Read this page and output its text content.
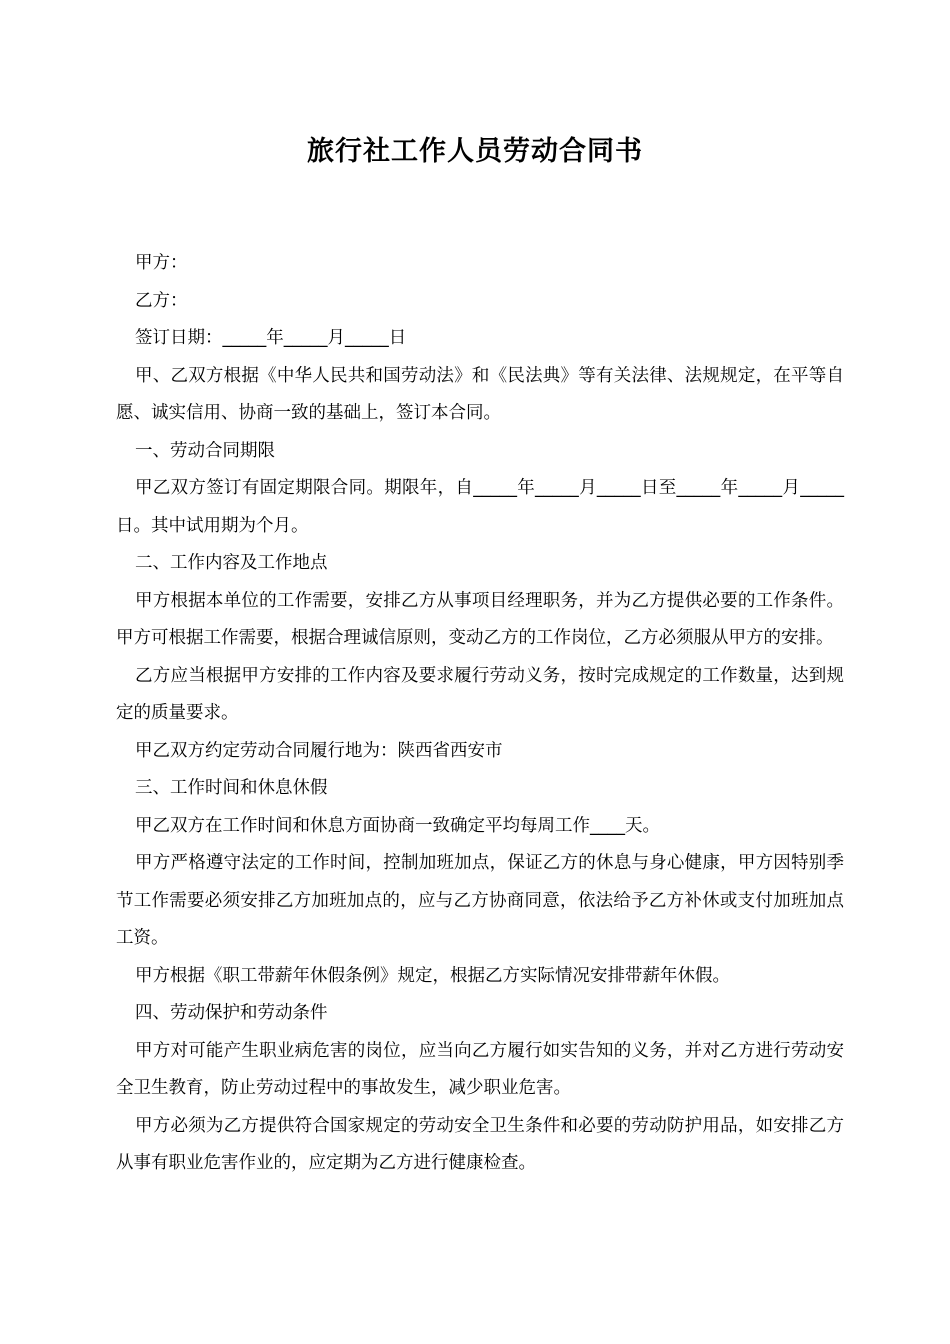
旅行社工作人员劳动合同书

甲方：

乙方：

签订日期：_____年_____月_____日

甲、乙双方根据《中华人民共和国劳动法》和《民法典》等有关法律、法规规定，在平等自愿、诚实信用、协商一致的基础上，签订本合同。

一、劳动合同期限

甲乙双方签订有固定期限合同。期限年，自_____年_____月_____日至_____年_____月_____日。其中试用期为个月。

二、工作内容及工作地点

甲方根据本单位的工作需要，安排乙方从事项目经理职务，并为乙方提供必要的工作条件。甲方可根据工作需要，根据合理诚信原则，变动乙方的工作岗位，乙方必须服从甲方的安排。

乙方应当根据甲方安排的工作内容及要求履行劳动义务，按时完成规定的工作数量，达到规定的质量要求。

甲乙双方约定劳动合同履行地为：陕西省西安市

三、工作时间和休息休假

甲乙双方在工作时间和休息方面协商一致确定平均每周工作____天。

甲方严格遵守法定的工作时间，控制加班加点，保证乙方的休息与身心健康，甲方因特别季节工作需要必须安排乙方加班加点的，应与乙方协商同意，依法给予乙方补休或支付加班加点工资。

甲方根据《职工带薪年休假条例》规定，根据乙方实际情况安排带薪年休假。

四、劳动保护和劳动条件

甲方对可能产生职业病危害的岗位，应当向乙方履行如实告知的义务，并对乙方进行劳动安全卫生教育，防止劳动过程中的事故发生，减少职业危害。

甲方必须为乙方提供符合国家规定的劳动安全卫生条件和必要的劳动防护用品，如安排乙方从事有职业危害作业的，应定期为乙方进行健康检查。
